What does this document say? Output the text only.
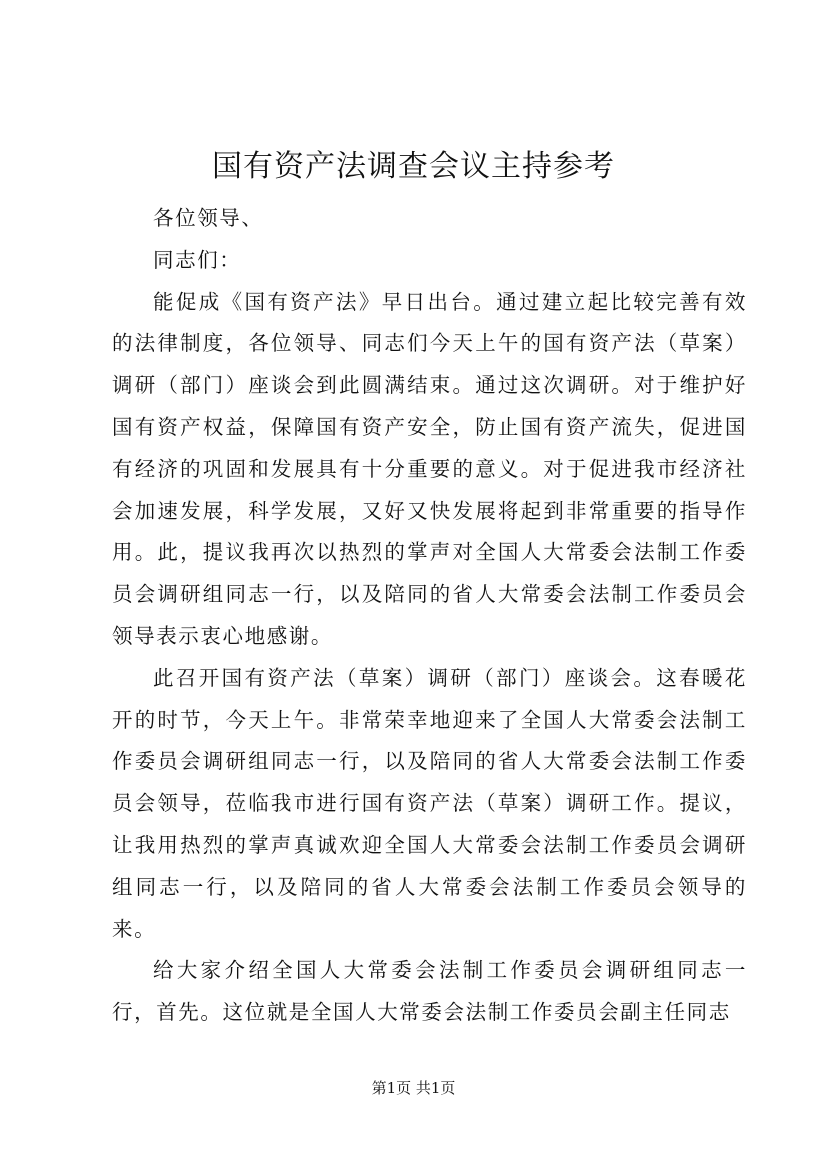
国有资产法调查会议主持参考

各位领导、

同志们：

能促成《国有资产法》早日出台。通过建立起比较完善有效的法律制度，各位领导、同志们今天上午的国有资产法（草案）调研（部门）座谈会到此圆满结束。通过这次调研。对于维护好国有资产权益，保障国有资产安全，防止国有资产流失，促进国有经济的巩固和发展具有十分重要的意义。对于促进我市经济社会加速发展，科学发展，又好又快发展将起到非常重要的指导作用。此，提议我再次以热烈的掌声对全国人大常委会法制工作委员会调研组同志一行，以及陪同的省人大常委会法制工作委员会领导表示衷心地感谢。

此召开国有资产法（草案）调研（部门）座谈会。这春暖花开的时节，今天上午。非常荣幸地迎来了全国人大常委会法制工作委员会调研组同志一行，以及陪同的省人大常委会法制工作委员会领导，莅临我市进行国有资产法（草案）调研工作。提议，让我用热烈的掌声真诚欢迎全国人大常委会法制工作委员会调研组同志一行，以及陪同的省人大常委会法制工作委员会领导的来。

给大家介绍全国人大常委会法制工作委员会调研组同志一行，首先。这位就是全国人大常委会法制工作委员会副主任同志

第1页 共1页
